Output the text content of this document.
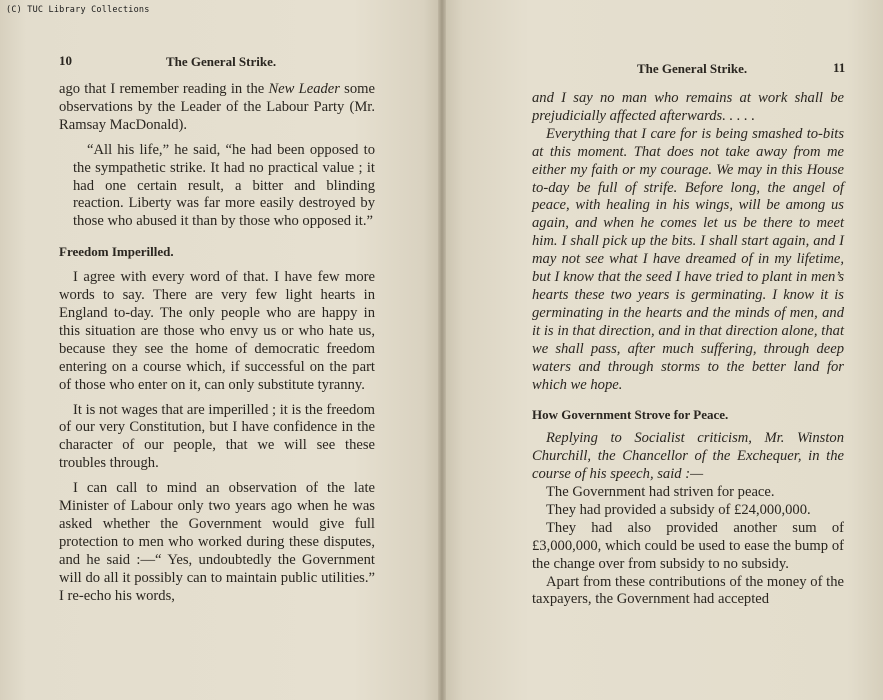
(C) TUC Library Collections
10	The General Strike.

ago that I remember reading in the New Leader some observations by the Leader of the Labour Party (Mr. Ramsay MacDonald).

“All his life,” he said, “he had been opposed to the sympathetic strike. It had no practical value ; it had one certain result, a bitter and blinding reaction. Liberty was far more easily destroyed by those who abused it than by those who opposed it.”

Freedom Imperilled.

I agree with every word of that. I have few more words to say. There are very few light hearts in England to-day. The only people who are happy in this situation are those who envy us or who hate us, because they see the home of democratic freedom entering on a course which, if successful on the part of those who enter on it, can only substitute tyranny.

It is not wages that are imperilled ; it is the freedom of our very Constitution, but I have confidence in the character of our people, that we will see these troubles through.

I can call to mind an observation of the late Minister of Labour only two years ago when he was asked whether the Government would give full protection to men who worked during these disputes, and he said :—“ Yes, undoubtedly the Government will do all it possibly can to maintain public utilities.” I re-echo his words,

The General Strike.	11

and I say no man who remains at work shall be prejudicially affected afterwards. . . . .

Everything that I care for is being smashed to-bits at this moment. That does not take away from me either my faith or my courage. We may in this House to-day be full of strife. Before long, the angel of peace, with healing in his wings, will be among us again, and when he comes let us be there to meet him. I shall pick up the bits. I shall start again, and I may not see what I have dreamed of in my lifetime, but I know that the seed I have tried to plant in men’s hearts these two years is germinating. I know it is germinating in the hearts and the minds of men, and it is in that direction, and in that direction alone, that we shall pass, after much suffering, through deep waters and through storms to the better land for which we hope.

How Government Strove for Peace.

Replying to Socialist criticism, Mr. Winston Churchill, the Chancellor of the Exchequer, in the course of his speech, said :—

The Government had striven for peace.

They had provided a subsidy of £24,000,000.

They had also provided another sum of £3,000,000, which could be used to ease the bump of the change over from subsidy to no subsidy.

Apart from these contributions of the money of the taxpayers, the Government had accepted
